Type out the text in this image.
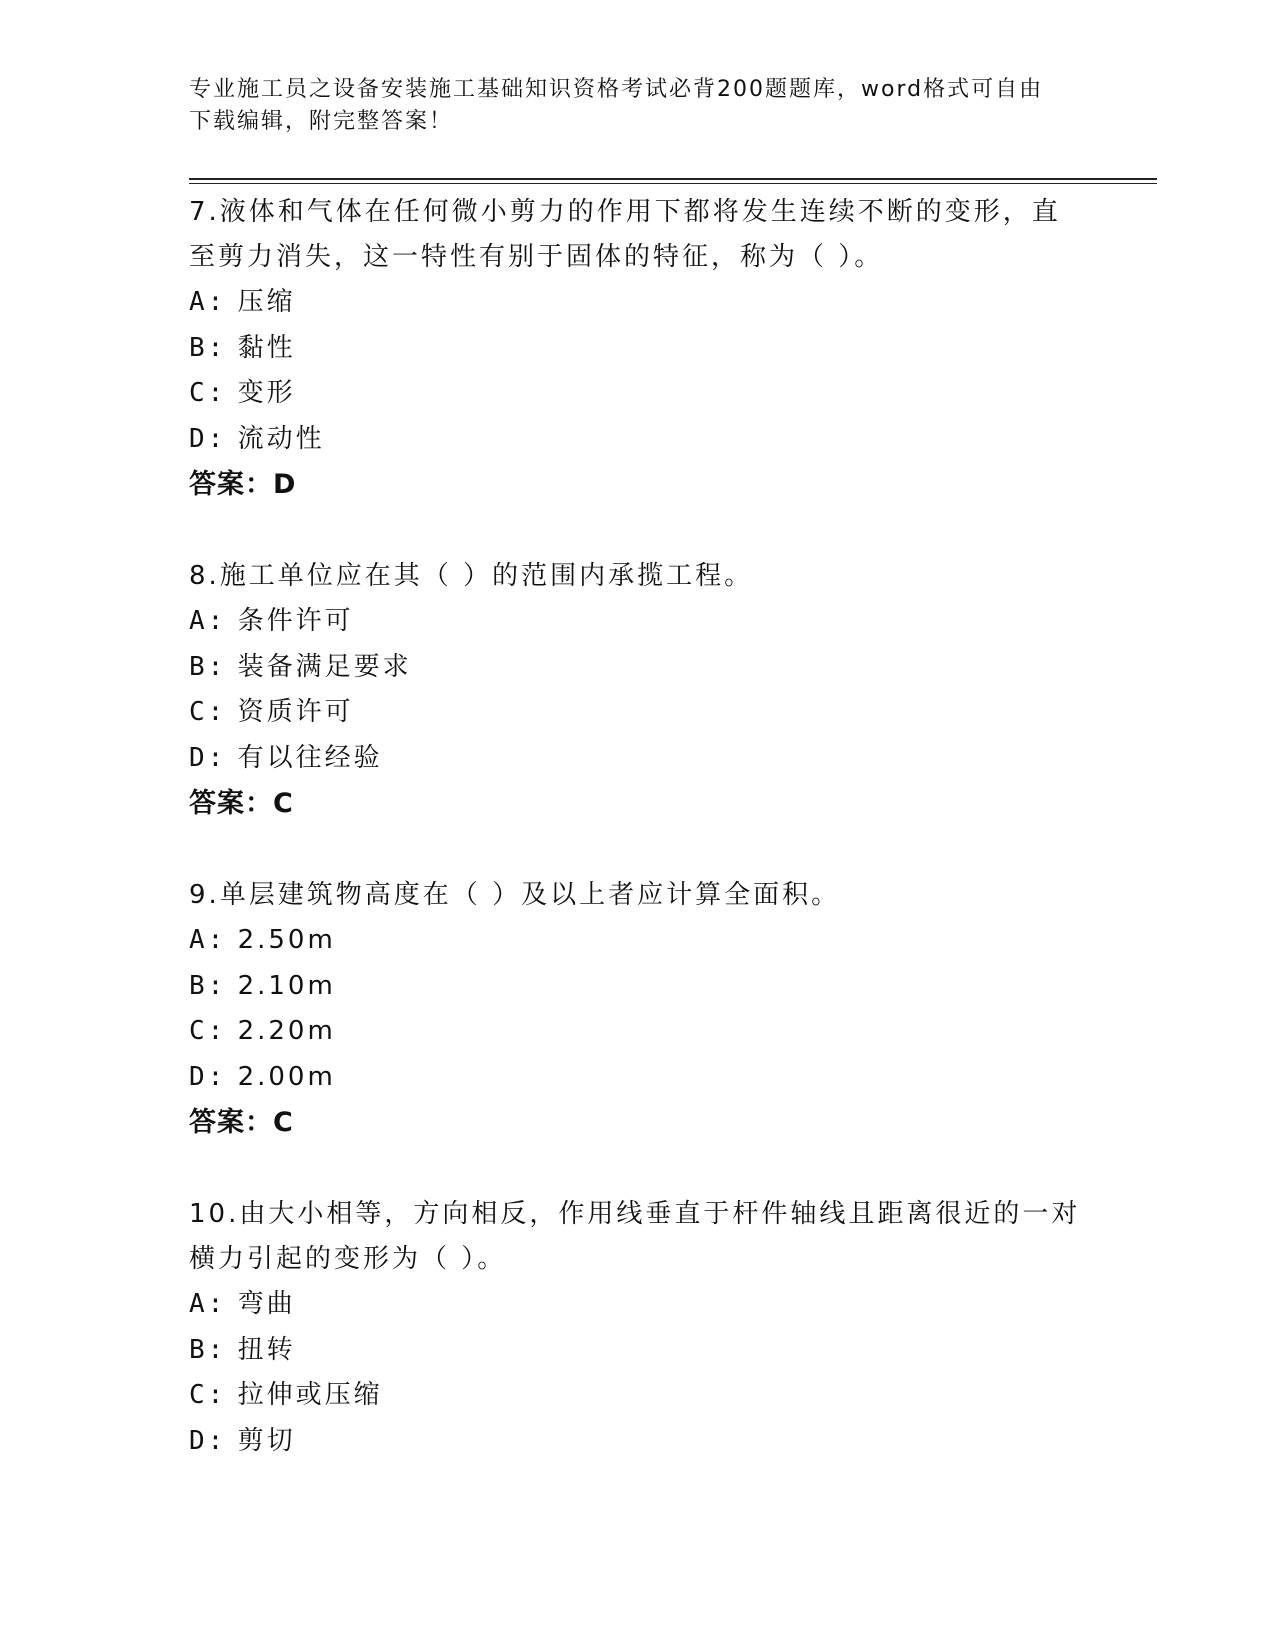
专业施工员之设备安装施工基础知识资格考试必背200题题库，word格式可自由
下载编辑，附完整答案！
7.液体和气体在任何微小剪力的作用下都将发生连续不断的变形，直
至剪力消失，这一特性有别于固体的特征，称为（ ）。
A: 压缩
B: 黏性
C: 变形
D: 流动性
答案：D
8.施工单位应在其（ ）的范围内承揽工程。
A: 条件许可
B: 装备满足要求
C: 资质许可
D: 有以往经验
答案：C
9.单层建筑物高度在（ ）及以上者应计算全面积。
A: 2.50m
B: 2.10m
C: 2.20m
D: 2.00m
答案：C
10.由大小相等，方向相反，作用线垂直于杆件轴线且距离很近的一对
横力引起的变形为（ ）。
A: 弯曲
B: 扭转
C: 拉伸或压缩
D: 剪切
